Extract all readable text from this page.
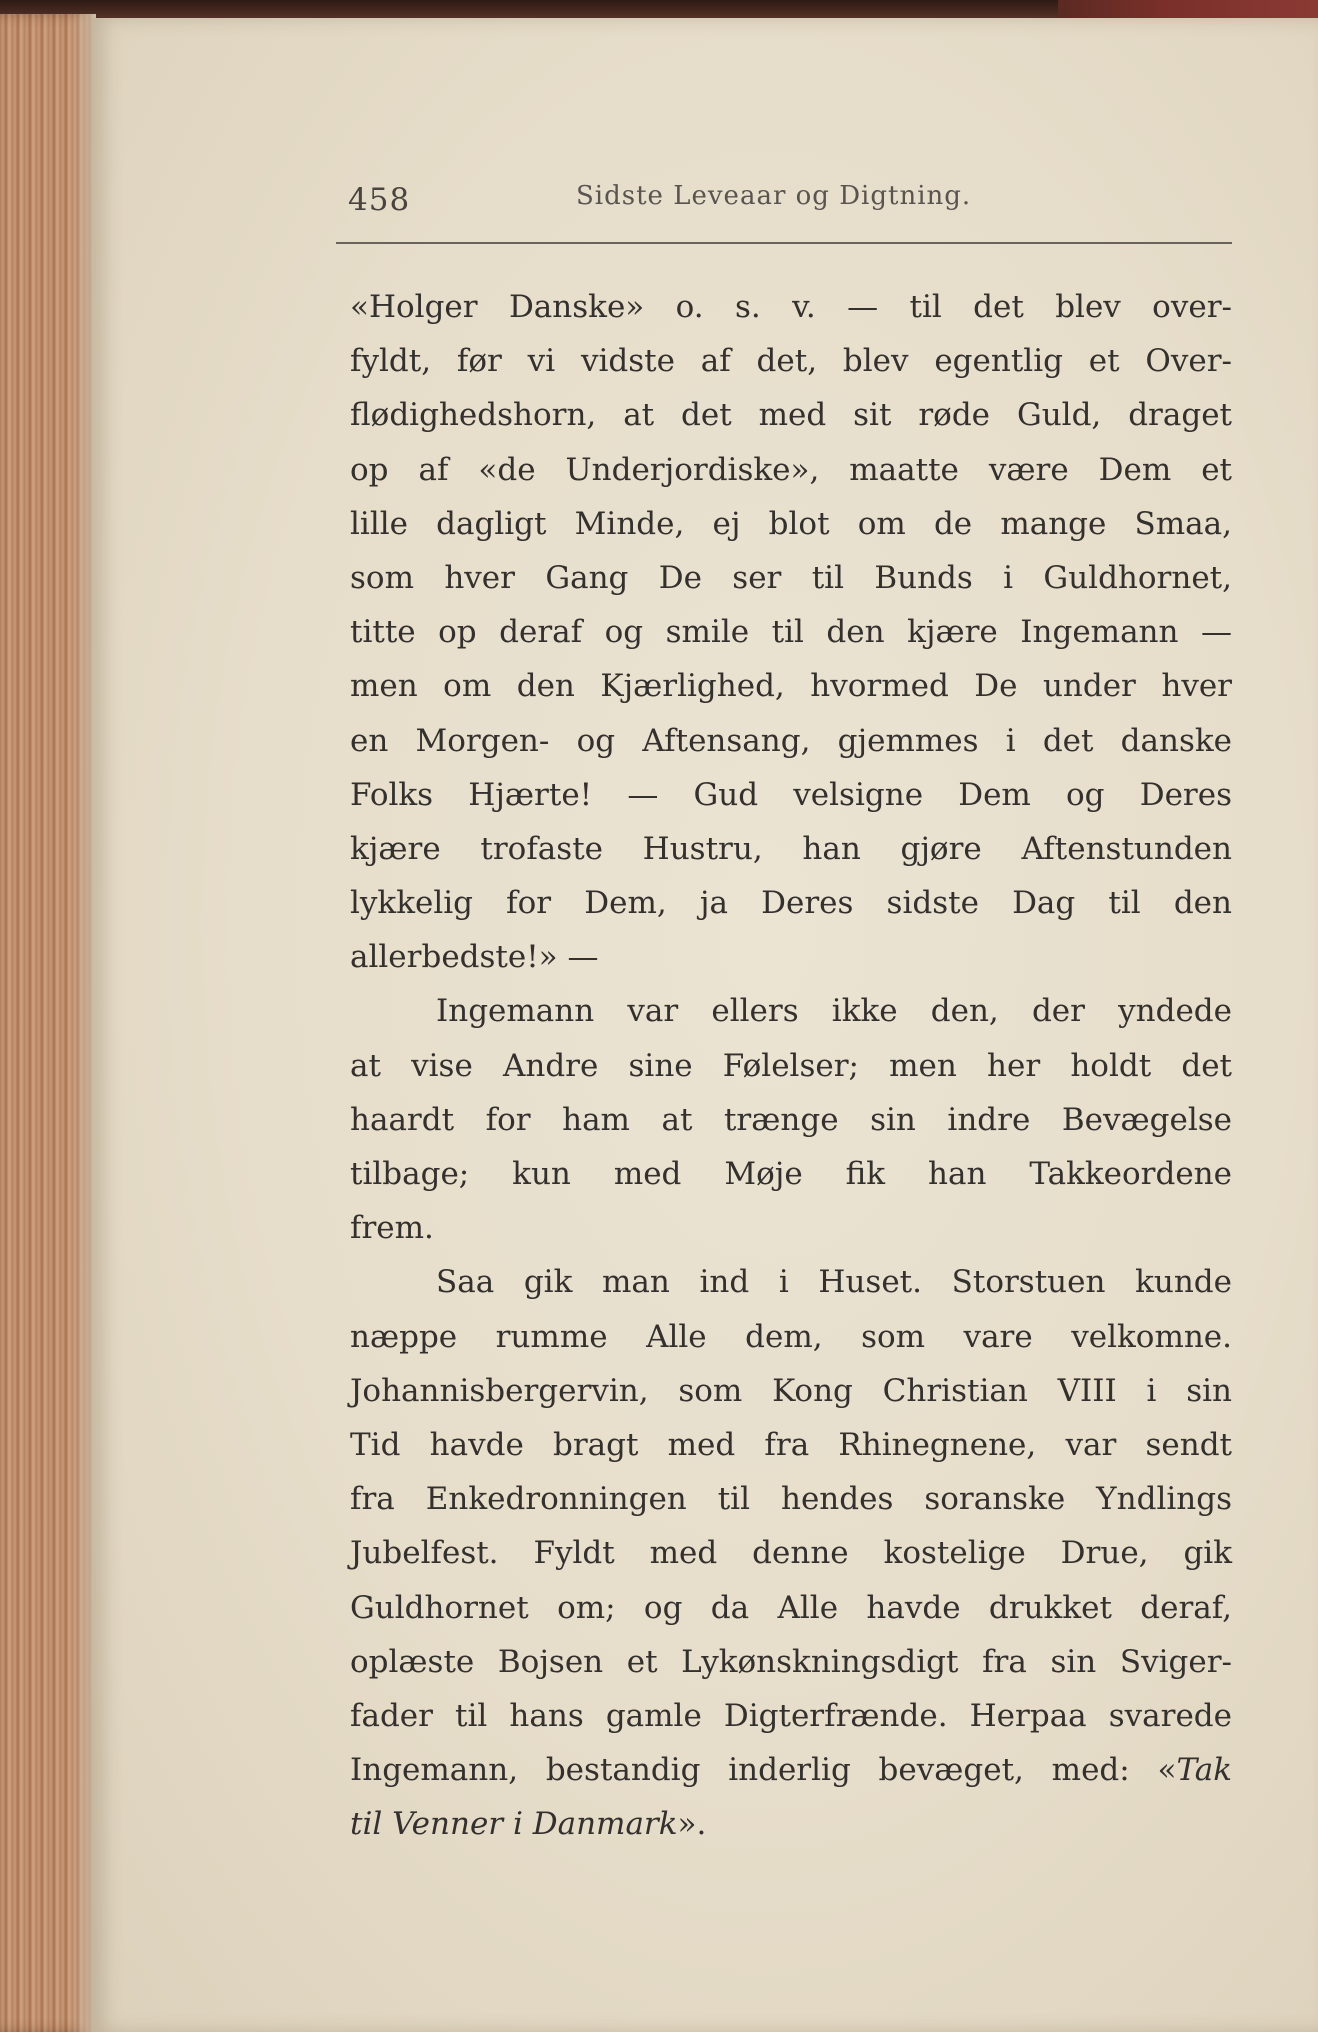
458	Sidste Leveaar og Digtning.
«Holger Danske» o. s. v. — til det blev over-
fyldt, før vi vidste af det, blev egentlig et Over-
flødighedshorn, at det med sit røde Guld, draget
op af «de Underjordiske», maatte være Dem et
lille dagligt Minde, ej blot om de mange Smaa,
som hver Gang De ser til Bunds i Guldhornet,
titte op deraf og smile til den kjære Ingemann —
men om den Kjærlighed, hvormed De under hver
en Morgen- og Aftensang, gjemmes i det danske
Folks Hjærte! — Gud velsigne Dem og Deres
kjære trofaste Hustru, han gjøre Aftenstunden
lykkelig for Dem, ja Deres sidste Dag til den
allerbedste!» —
Ingemann var ellers ikke den, der yndede
at vise Andre sine Følelser; men her holdt det
haardt for ham at trænge sin indre Bevægelse
tilbage; kun med Møje fik han Takkeordene
frem.
Saa gik man ind i Huset. Storstuen kunde
næppe rumme Alle dem, som vare velkomne.
Johannisbergervin, som Kong Christian VIII i sin
Tid havde bragt med fra Rhinegnene, var sendt
fra Enkedronningen til hendes soranske Yndlings
Jubelfest. Fyldt med denne kostelige Drue, gik
Guldhornet om; og da Alle havde drukket deraf,
oplæste Bojsen et Lykønskningsdigt fra sin Sviger-
fader til hans gamle Digterfrænde. Herpaa svarede
Ingemann, bestandig inderlig bevæget, med: «Tak
til Venner i Danmark».
